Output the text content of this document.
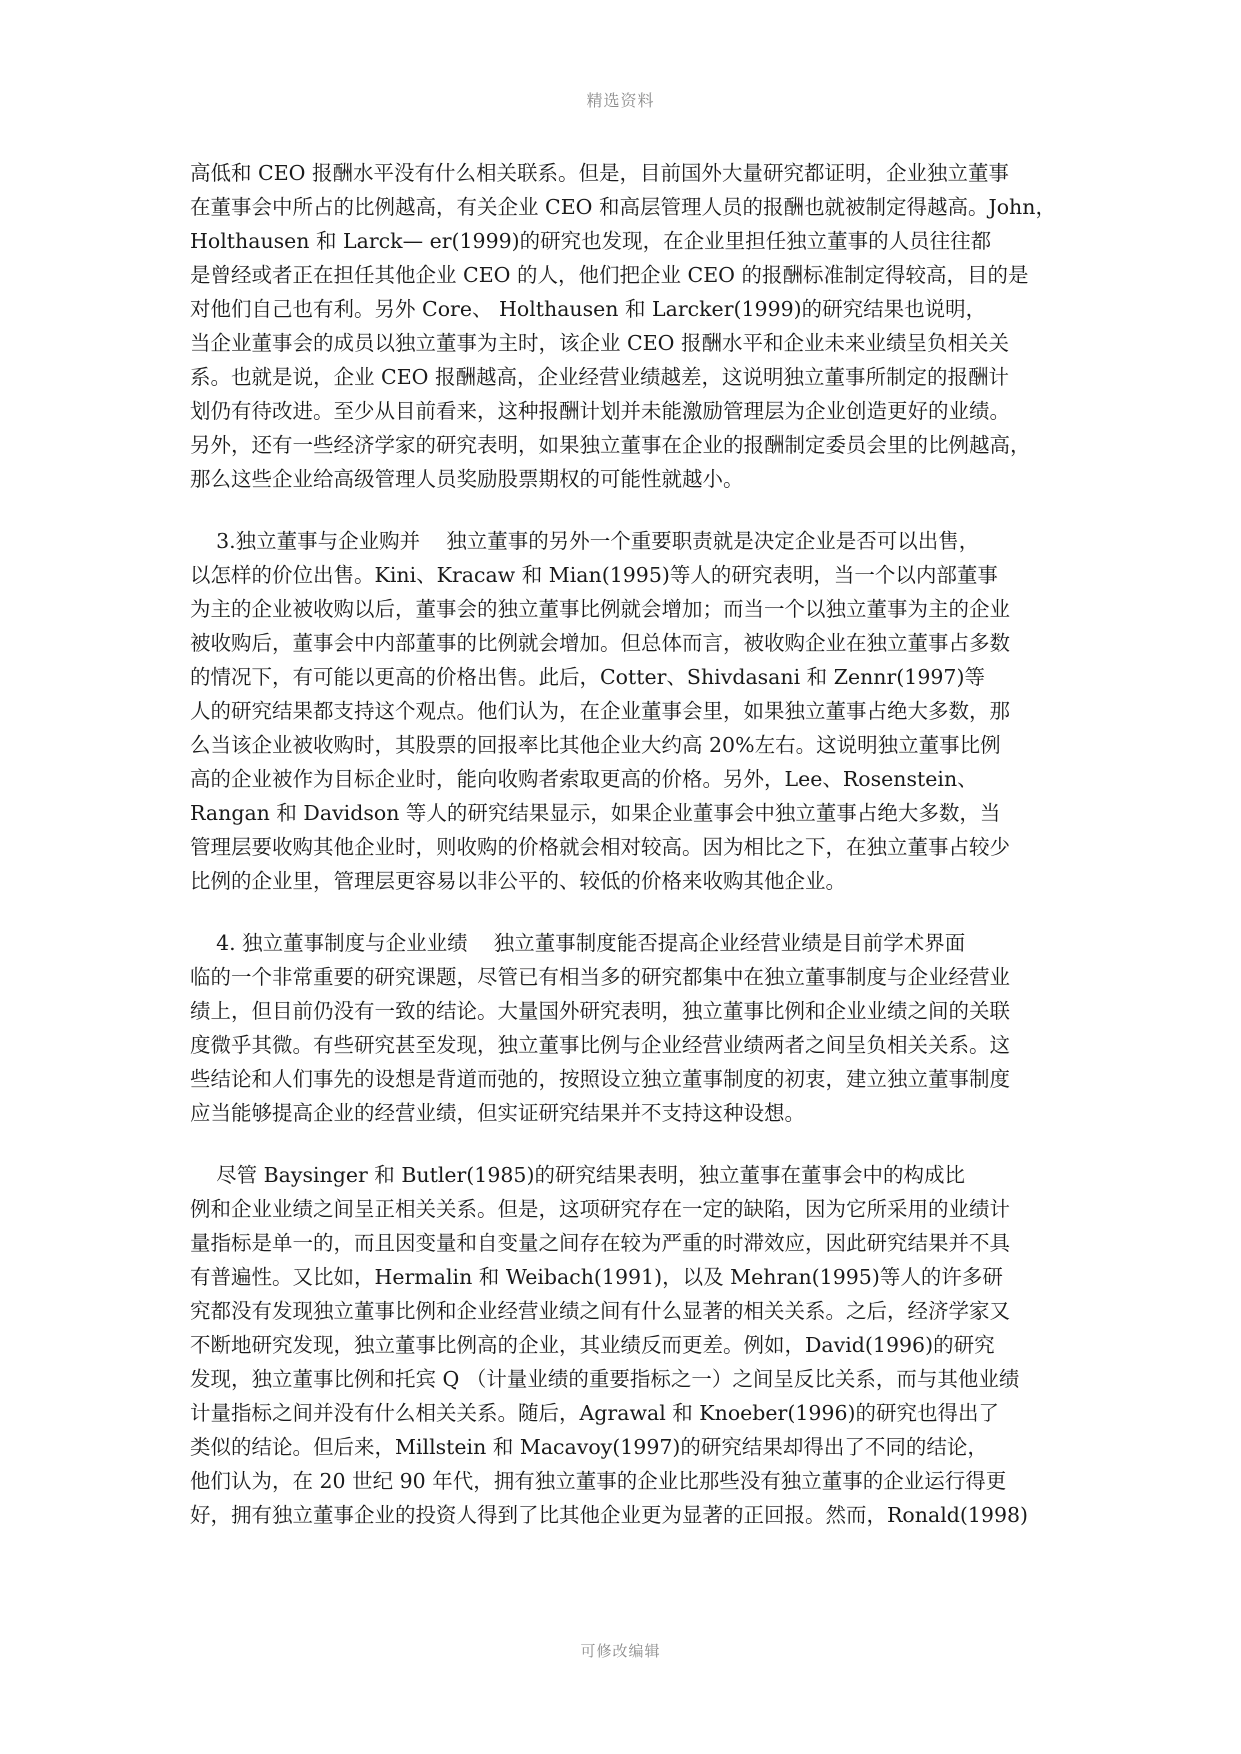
精选资料
高低和 CEO 报酬水平没有什么相关联系。但是，目前国外大量研究都证明，企业独立董事
在董事会中所占的比例越高，有关企业 CEO 和高层管理人员的报酬也就被制定得越高。John，
Holthausen 和 Larck— er(1999)的研究也发现，在企业里担任独立董事的人员往往都
是曾经或者正在担任其他企业 CEO 的人，他们把企业 CEO 的报酬标准制定得较高，目的是
对他们自己也有利。另外 Core、 Holthausen 和 Larcker(1999)的研究结果也说明，
当企业董事会的成员以独立董事为主时，该企业 CEO 报酬水平和企业未来业绩呈负相关关
系。也就是说，企业 CEO 报酬越高，企业经营业绩越差，这说明独立董事所制定的报酬计
划仍有待改进。至少从目前看来，这种报酬计划并未能激励管理层为企业创造更好的业绩。
另外，还有一些经济学家的研究表明，如果独立董事在企业的报酬制定委员会里的比例越高，
那么这些企业给高级管理人员奖励股票期权的可能性就越小。
3.独立董事与企业购并    独立董事的另外一个重要职责就是决定企业是否可以出售，
以怎样的价位出售。Kini、Kracaw 和 Mian(1995)等人的研究表明，当一个以内部董事
为主的企业被收购以后，董事会的独立董事比例就会增加；而当一个以独立董事为主的企业
被收购后，董事会中内部董事的比例就会增加。但总体而言，被收购企业在独立董事占多数
的情况下，有可能以更高的价格出售。此后，Cotter、Shivdasani 和 Zennr(1997)等
人的研究结果都支持这个观点。他们认为，在企业董事会里，如果独立董事占绝大多数，那
么当该企业被收购时，其股票的回报率比其他企业大约高 20%左右。这说明独立董事比例
高的企业被作为目标企业时，能向收购者索取更高的价格。另外，Lee、Rosenstein、
Rangan 和 Davidson 等人的研究结果显示，如果企业董事会中独立董事占绝大多数，当
管理层要收购其他企业时，则收购的价格就会相对较高。因为相比之下，在独立董事占较少
比例的企业里，管理层更容易以非公平的、较低的价格来收购其他企业。
4. 独立董事制度与企业业绩    独立董事制度能否提高企业经营业绩是目前学术界面
临的一个非常重要的研究课题，尽管已有相当多的研究都集中在独立董事制度与企业经营业
绩上，但目前仍没有一致的结论。大量国外研究表明，独立董事比例和企业业绩之间的关联
度微乎其微。有些研究甚至发现，独立董事比例与企业经营业绩两者之间呈负相关关系。这
些结论和人们事先的设想是背道而弛的，按照设立独立董事制度的初衷，建立独立董事制度
应当能够提高企业的经营业绩，但实证研究结果并不支持这种设想。
尽管 Baysinger 和 Butler(1985)的研究结果表明，独立董事在董事会中的构成比
例和企业业绩之间呈正相关关系。但是，这项研究存在一定的缺陷，因为它所采用的业绩计
量指标是单一的，而且因变量和自变量之间存在较为严重的时滞效应，因此研究结果并不具
有普遍性。又比如，Hermalin 和 Weibach(1991)，以及 Mehran(1995)等人的许多研
究都没有发现独立董事比例和企业经营业绩之间有什么显著的相关关系。之后，经济学家又
不断地研究发现，独立董事比例高的企业，其业绩反而更差。例如，David(1996)的研究
发现，独立董事比例和托宾 Q （计量业绩的重要指标之一）之间呈反比关系，而与其他业绩
计量指标之间并没有什么相关关系。随后，Agrawal 和 Knoeber(1996)的研究也得出了
类似的结论。但后来，Millstein 和 Macavoy(1997)的研究结果却得出了不同的结论，
他们认为，在 20 世纪 90 年代，拥有独立董事的企业比那些没有独立董事的企业运行得更
好，拥有独立董事企业的投资人得到了比其他企业更为显著的正回报。然而，Ronald(1998)
可修改编辑
